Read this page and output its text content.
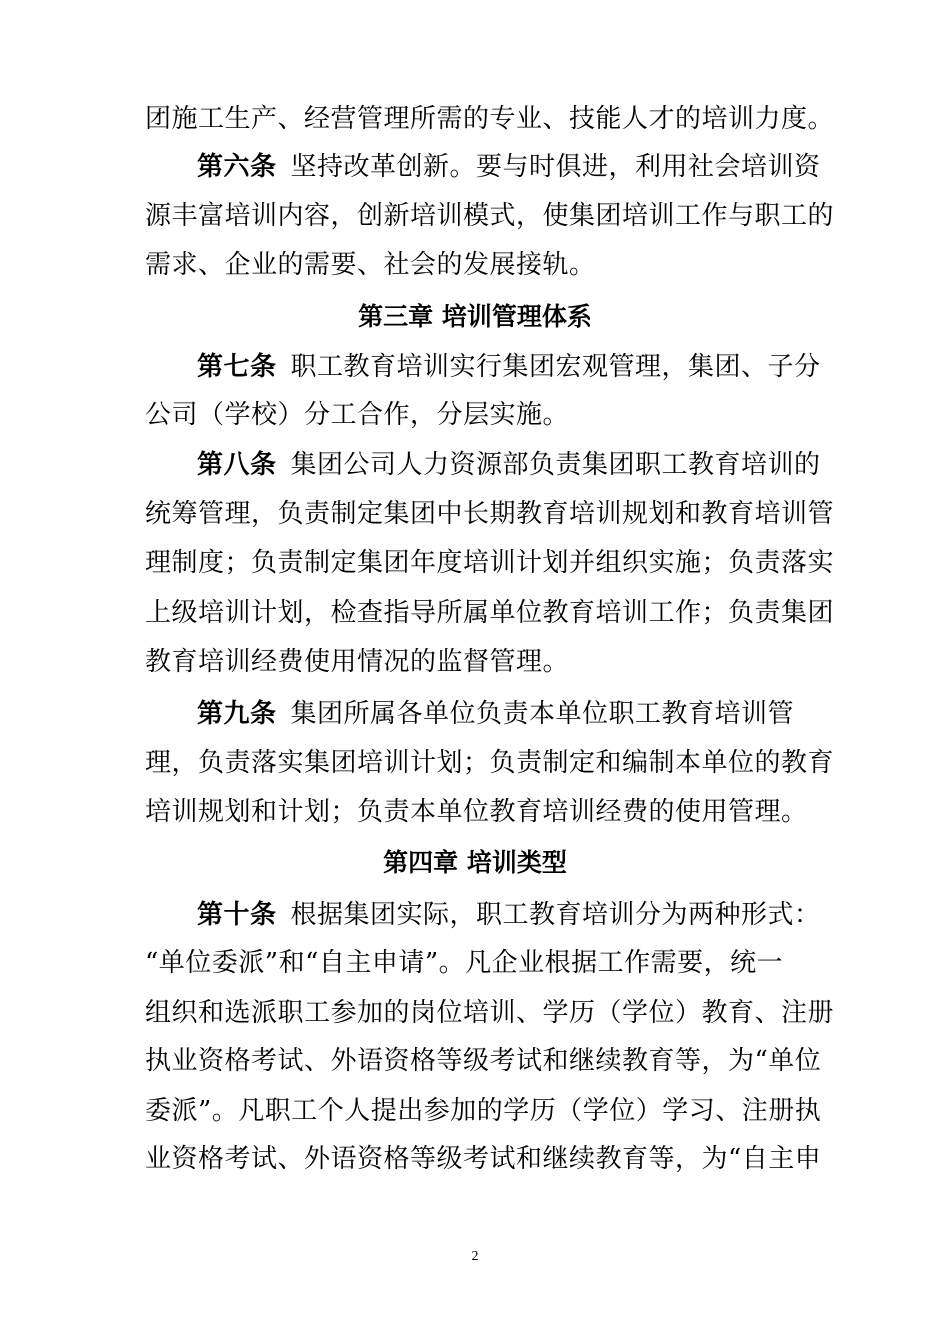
团施工生产、经营管理所需的专业、技能人才的培训力度。
第六条 坚持改革创新。要与时俱进，利用社会培训资
源丰富培训内容，创新培训模式，使集团培训工作与职工的
需求、企业的需要、社会的发展接轨。
第三章 培训管理体系
第七条 职工教育培训实行集团宏观管理，集团、子分
公司（学校）分工合作，分层实施。
第八条 集团公司人力资源部负责集团职工教育培训的
统筹管理，负责制定集团中长期教育培训规划和教育培训管
理制度；负责制定集团年度培训计划并组织实施；负责落实
上级培训计划，检查指导所属单位教育培训工作；负责集团
教育培训经费使用情况的监督管理。
第九条 集团所属各单位负责本单位职工教育培训管
理，负责落实集团培训计划；负责制定和编制本单位的教育
培训规划和计划；负责本单位教育培训经费的使用管理。
第四章 培训类型
第十条 根据集团实际，职工教育培训分为两种形式：
“单位委派”和“自主申请”。凡企业根据工作需要，统一
组织和选派职工参加的岗位培训、学历（学位）教育、注册
执业资格考试、外语资格等级考试和继续教育等，为“单位
委派”。凡职工个人提出参加的学历（学位）学习、注册执
业资格考试、外语资格等级考试和继续教育等，为“自主申
2
